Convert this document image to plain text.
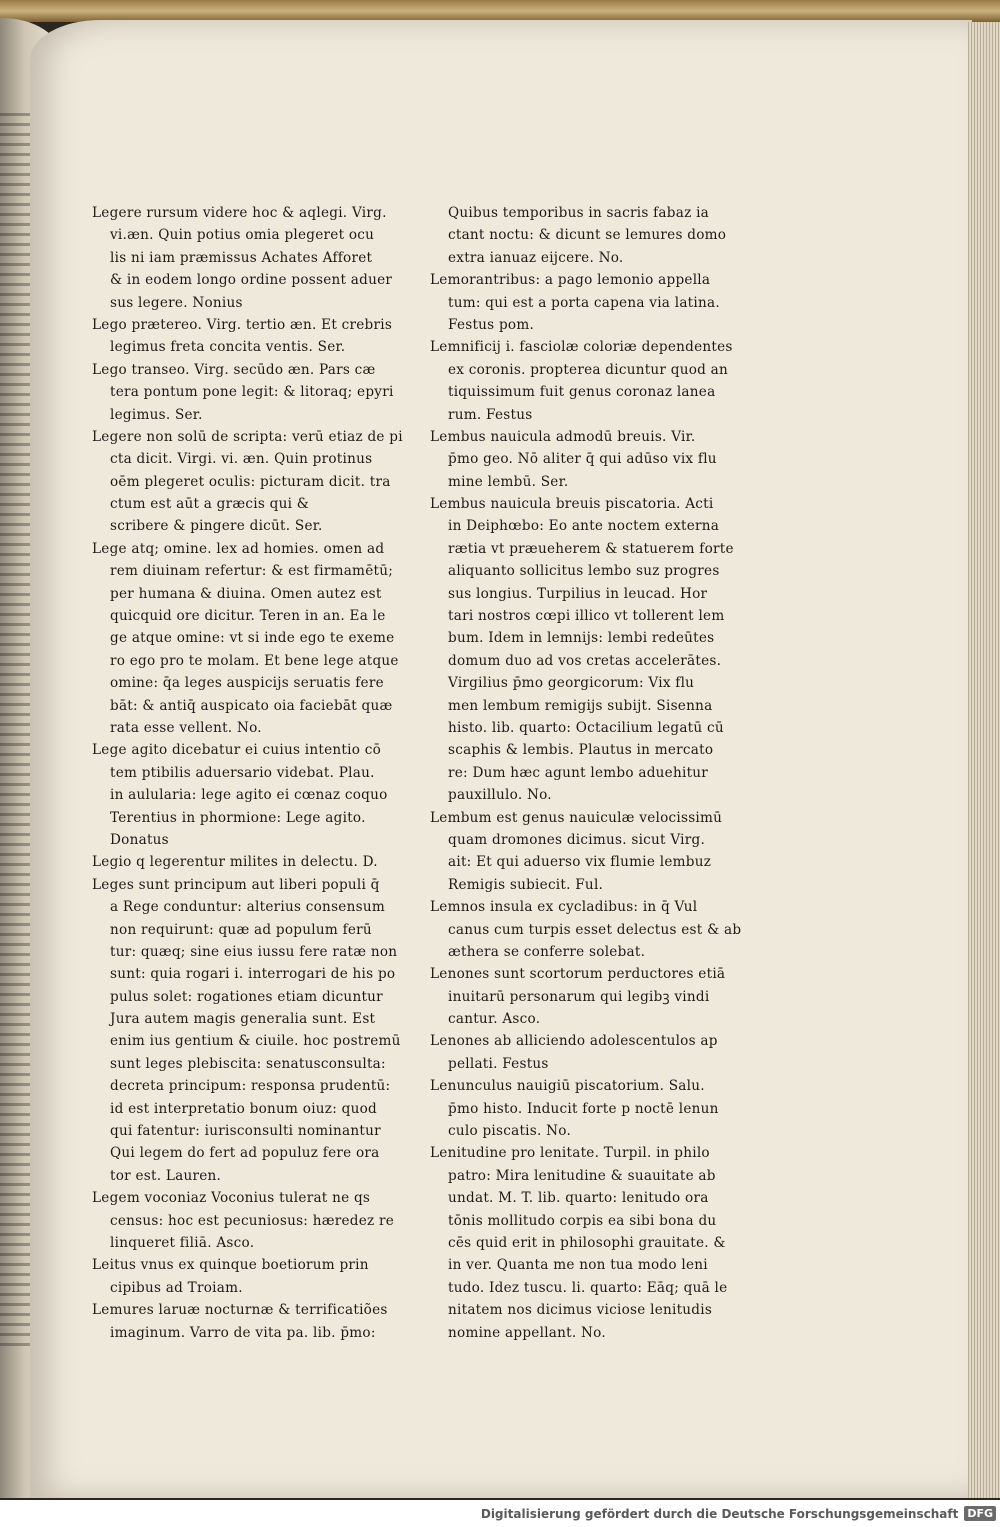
Legere rursum videre hoc & aqlegi. Virg.
vi.æn. Quin potius omia plegeret ocu
lis ni iam præmissus Achates Afforet
& in eodem longo ordine possent aduer
sus legere. Nonius
Lego prætereo. Virg. tertio æn. Et crebris
legimus freta concita ventis. Ser.
Lego transeo. Virg. secūdo æn. Pars cæ
tera pontum pone legit: & litoraq; epyri
legimus. Ser.
Legere non solū de scripta: verū etiaz de pi
cta dicit. Virgi. vi. æn. Quin protinus
oēm plegeret oculis: picturam dicit. tra
ctum est aūt a græcis qui &
scribere & pingere dicūt. Ser.
Lege atq; omine. lex ad homies. omen ad
rem diuinam refertur: & est firmamētū;
per humana & diuina. Omen autez est
quicquid ore dicitur. Teren in an. Ea le
ge atque omine: vt si inde ego te exeme
ro ego pro te molam. Et bene lege atque
omine: q̄a leges auspicijs seruatis fere
bāt: & antiq̄ auspicato oia faciebāt quæ
rata esse vellent. No.
Lege agito dicebatur ei cuius intentio cō
tem ptibilis aduersario videbat. Plau.
in aulularia: lege agito ei cœnaz coquo
Terentius in phormione: Lege agito.
Donatus
Legio q legerentur milites in delectu. D.
Leges sunt principum aut liberi populi q̄
a Rege conduntur: alterius consensum
non requirunt: quæ ad populum ferū
tur: quæq; sine eius iussu fere ratæ non
sunt: quia rogari i. interrogari de his po
pulus solet: rogationes etiam dicuntur
Jura autem magis generalia sunt. Est
enim ius gentium & ciuile. hoc postremū
sunt leges plebiscita: senatusconsulta:
decreta principum: responsa prudentū:
id est interpretatio bonum oiuz: quod
qui fatentur: iurisconsulti nominantur
Qui legem do fert ad populuz fere ora
tor est. Lauren.
Legem voconiaz Voconius tulerat ne qs
census: hoc est pecuniosus: hæredez re
linqueret filiā. Asco.
Leitus vnus ex quinque boetiorum prin
cipibus ad Troiam.
Lemures laruæ nocturnæ & terrificatiões
imaginum. Varro de vita pa. lib. p̄mo:
Quibus temporibus in sacris fabaz ia
ctant noctu: & dicunt se lemures domo
extra ianuaz eijcere. No.
Lemorantribus: a pago lemonio appella
tum: qui est a porta capena via latina.
Festus pom.
Lemnificij i. fasciolæ coloriæ dependentes
ex coronis. propterea dicuntur quod an
tiquissimum fuit genus coronaz lanea
rum. Festus
Lembus nauicula admodū breuis. Vir.
p̄mo geo. Nō aliter q̄ qui adūso vix flu
mine lembū. Ser.
Lembus nauicula breuis piscatoria. Acti
in Deiphœbo: Eo ante noctem externa
rætia vt præueherem & statuerem forte
aliquanto sollicitus lembo suz progres
sus longius. Turpilius in leucad. Hor
tari nostros cœpi illico vt tollerent lem
bum. Idem in lemnijs: lembi redeūtes
domum duo ad vos cretas accelerātes.
Virgilius p̄mo georgicorum: Vix flu
men lembum remigijs subijt. Sisenna
histo. lib. quarto: Octacilium legatū cū
scaphis & lembis. Plautus in mercato
re: Dum hæc agunt lembo aduehitur
pauxillulo. No.
Lembum est genus nauiculæ velocissimū
quam dromones dicimus. sicut Virg.
ait: Et qui aduerso vix flumie lembuz
Remigis subiecit. Ful.
Lemnos insula ex cycladibus: in q̄ Vul
canus cum turpis esset delectus est & ab
æthera se conferre solebat.
Lenones sunt scortorum perductores etiā
inuitarū personarum qui legibꝫ vindi
cantur. Asco.
Lenones ab alliciendo adolescentulos ap
pellati. Festus
Lenunculus nauigiū piscatorium. Salu.
p̄mo histo. Inducit forte p noctē lenun
culo piscatis. No.
Lenitudine pro lenitate. Turpil. in philo
patro: Mira lenitudine & suauitate ab
undat. M. T. lib. quarto: lenitudo ora
tōnis mollitudo corpis ea sibi bona du
cēs quid erit in philosophi grauitate. &
in ver. Quanta me non tua modo leni
tudo. Idez tuscu. li. quarto: Eāq; quā le
nitatem nos dicimus viciose lenitudis
nomine appellant. No.
Digitalisierung gefördert durch die Deutsche Forschungsgemeinschaft DFG
